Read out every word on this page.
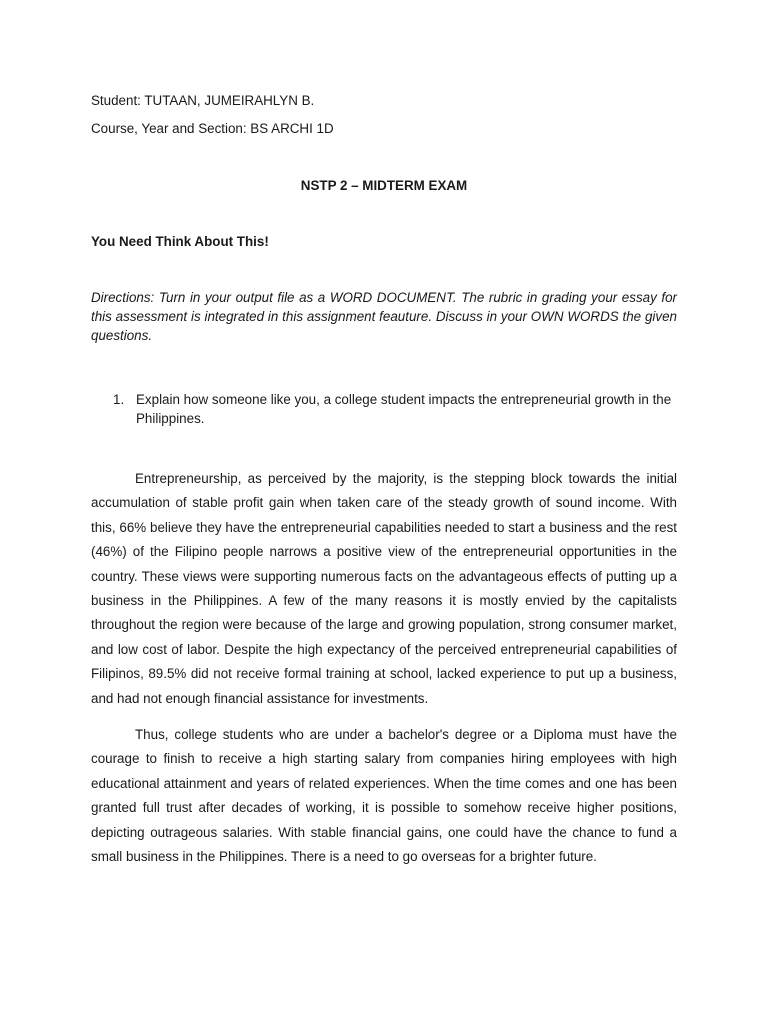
Student: TUTAAN, JUMEIRAHLYN B.
Course, Year and Section: BS ARCHI 1D
NSTP 2 – MIDTERM EXAM
You Need Think About This!
Directions: Turn in your output file as a WORD DOCUMENT. The rubric in grading your essay for this assessment is integrated in this assignment feauture. Discuss in your OWN WORDS the given questions.
1. Explain how someone like you, a college student impacts the entrepreneurial growth in the Philippines.

Entrepreneurship, as perceived by the majority, is the stepping block towards the initial accumulation of stable profit gain when taken care of the steady growth of sound income. With this, 66% believe they have the entrepreneurial capabilities needed to start a business and the rest (46%) of the Filipino people narrows a positive view of the entrepreneurial opportunities in the country. These views were supporting numerous facts on the advantageous effects of putting up a business in the Philippines. A few of the many reasons it is mostly envied by the capitalists throughout the region were because of the large and growing population, strong consumer market, and low cost of labor. Despite the high expectancy of the perceived entrepreneurial capabilities of Filipinos, 89.5% did not receive formal training at school, lacked experience to put up a business, and had not enough financial assistance for investments.

Thus, college students who are under a bachelor's degree or a Diploma must have the courage to finish to receive a high starting salary from companies hiring employees with high educational attainment and years of related experiences. When the time comes and one has been granted full trust after decades of working, it is possible to somehow receive higher positions, depicting outrageous salaries. With stable financial gains, one could have the chance to fund a small business in the Philippines. There is a need to go overseas for a brighter future.
